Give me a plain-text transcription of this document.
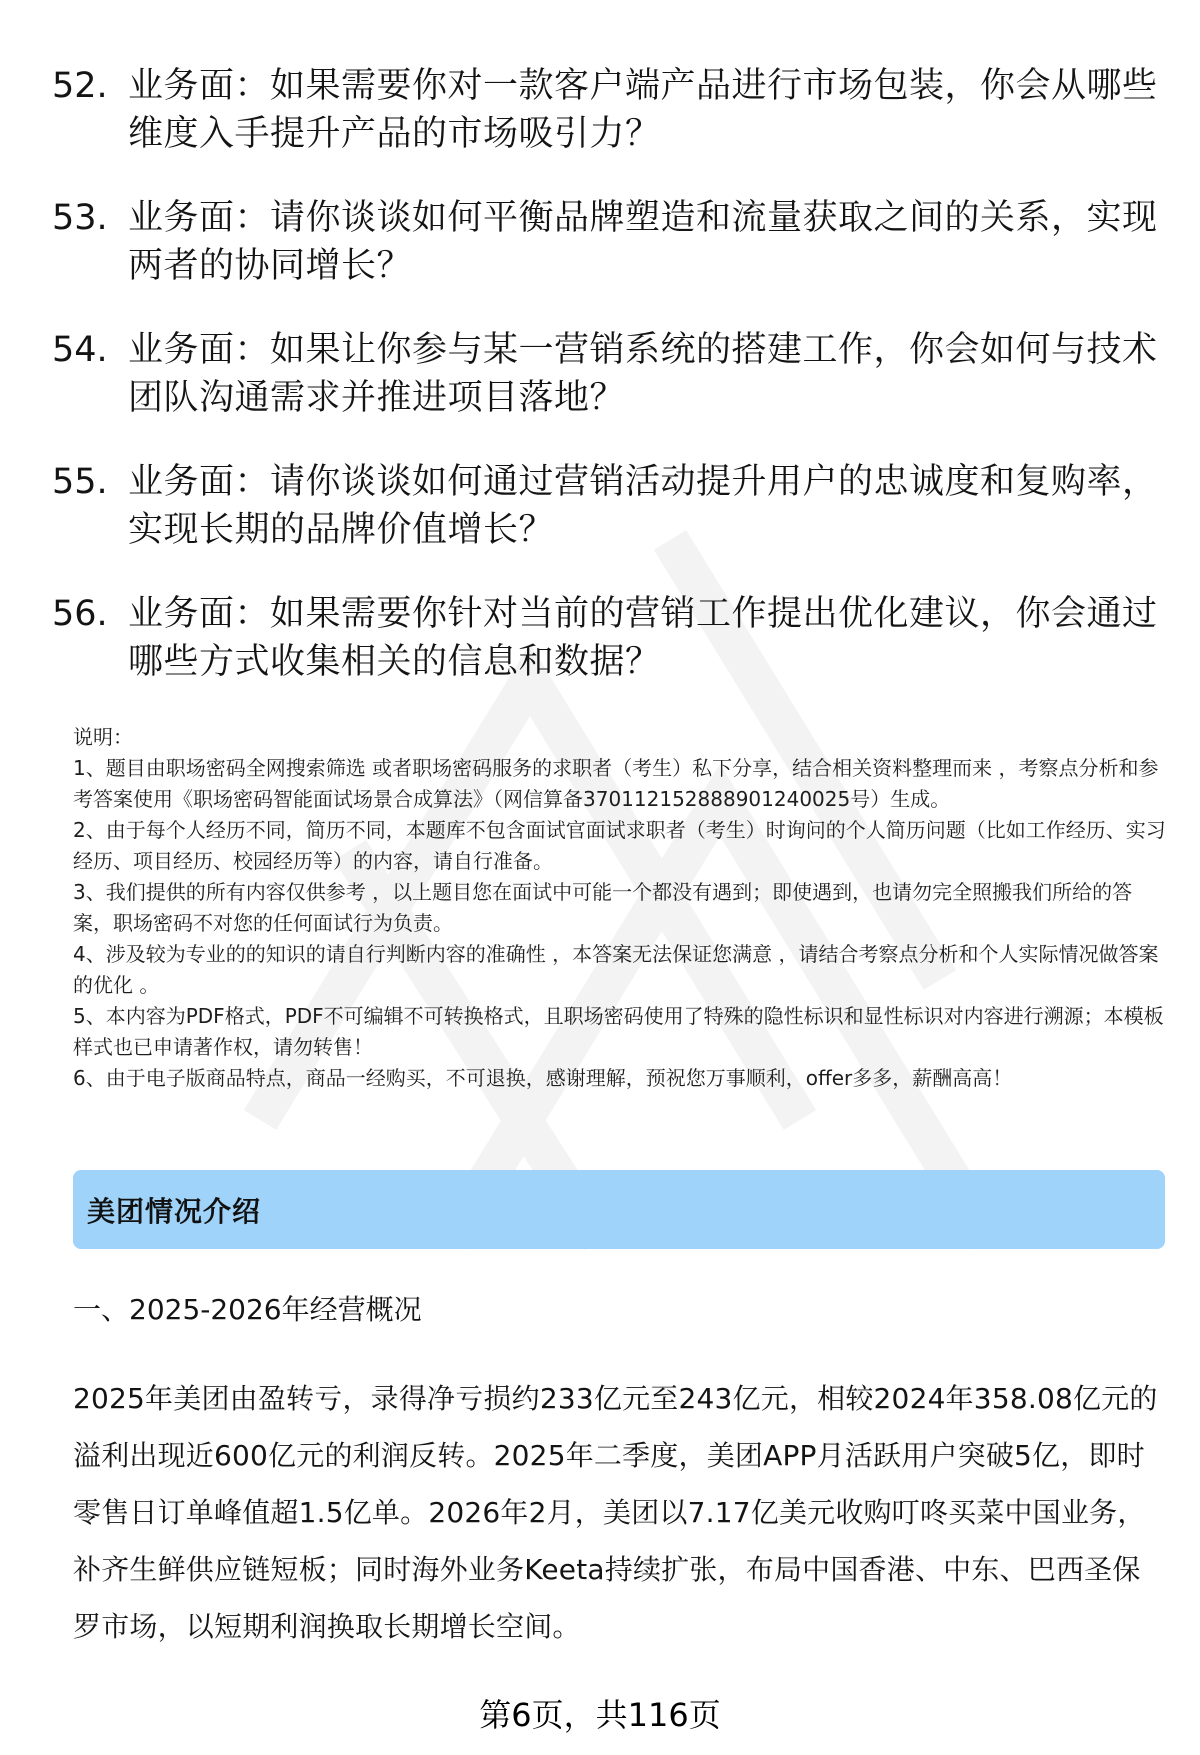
52. 业务面：如果需要你对一款客户端产品进行市场包装，你会从哪些维度入手提升产品的市场吸引力？
53. 业务面：请你谈谈如何平衡品牌塑造和流量获取之间的关系，实现两者的协同增长？
54. 业务面：如果让你参与某一营销系统的搭建工作，你会如何与技术团队沟通需求并推进项目落地？
55. 业务面：请你谈谈如何通过营销活动提升用户的忠诚度和复购率，实现长期的品牌价值增长？
56. 业务面：如果需要你针对当前的营销工作提出优化建议，你会通过哪些方式收集相关的信息和数据？

说明：

1、题目由职场密码全网搜索筛选 或者职场密码服务的求职者（考生）私下分享，结合相关资料整理而来 ，考察点分析和参考答案使用《职场密码智能面试场景合成算法》（网信算备370112152888901240025号）生成。

2、由于每个人经历不同，简历不同，本题库不包含面试官面试求职者（考生）时询问的个人简历问题（比如工作经历、实习经历、项目经历、校园经历等）的内容，请自行准备。

3、我们提供的所有内容仅供参考 ，以上题目您在面试中可能一个都没有遇到；即使遇到，也请勿完全照搬我们所给的答案，职场密码不对您的任何面试行为负责。

4、涉及较为专业的的知识的请自行判断内容的准确性 ，本答案无法保证您满意 ，请结合考察点分析和个人实际情况做答案的优化 。

5、本内容为PDF格式，PDF不可编辑不可转换格式，且职场密码使用了特殊的隐性标识和显性标识对内容进行溯源；本模板样式也已申请著作权，请勿转售！

6、由于电子版商品特点，商品一经购买，不可退换，感谢理解，预祝您万事顺利，offer多多，薪酬高高！

美团情况介绍
一、2025-2026年经营概况
2025年美团由盈转亏，录得净亏损约233亿元至243亿元，相较2024年358.08亿元的溢利出现近600亿元的利润反转。2025年二季度，美团APP月活跃用户突破5亿，即时零售日订单峰值超1.5亿单。2026年2月，美团以7.17亿美元收购叮咚买菜中国业务，补齐生鲜供应链短板；同时海外业务Keeta持续扩张，布局中国香港、中东、巴西圣保罗市场，以短期利润换取长期增长空间。
第6页，共116页
